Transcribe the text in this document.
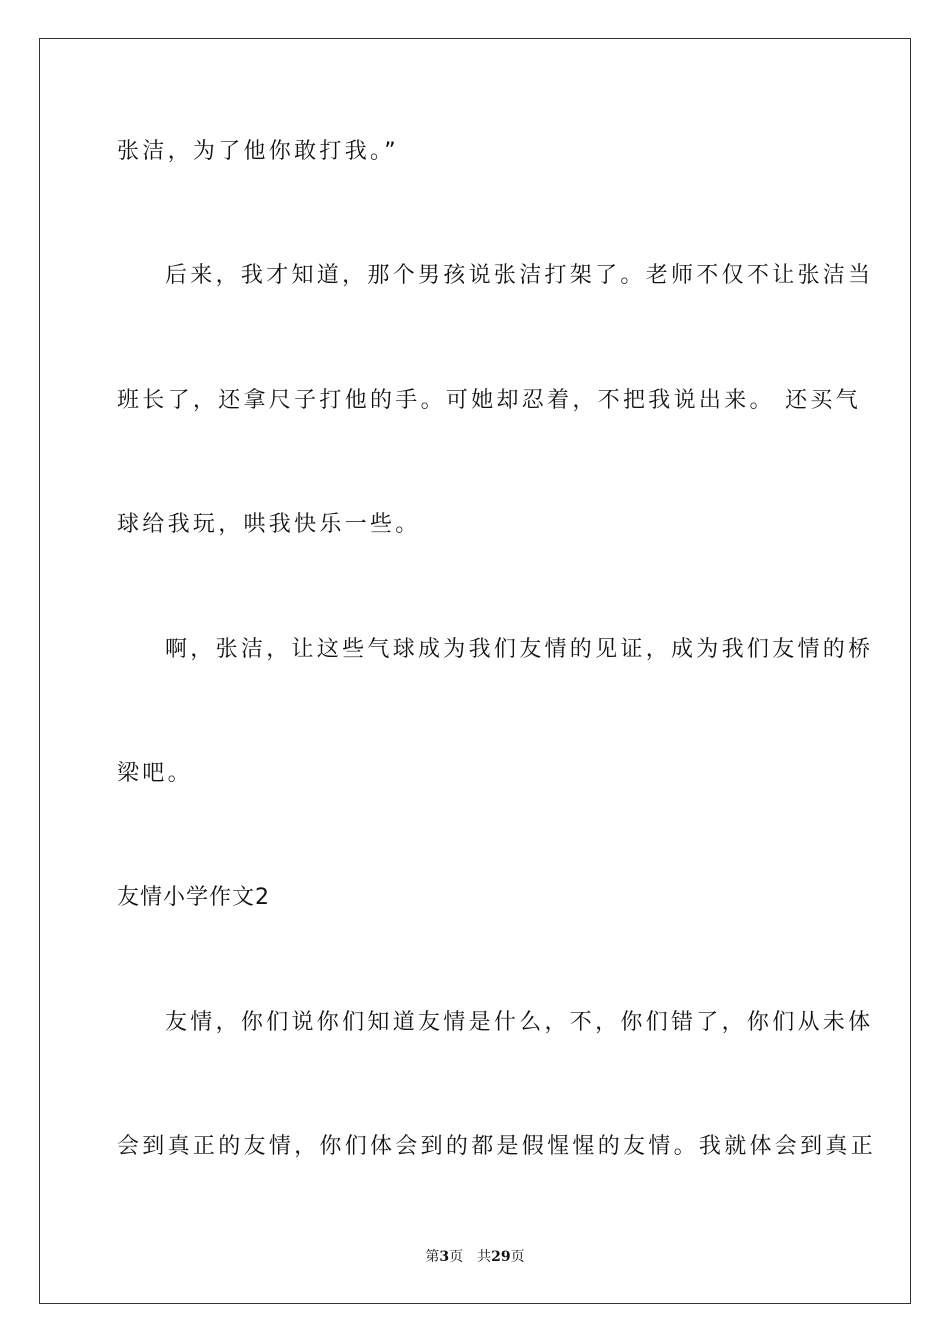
张洁，为了他你敢打我。”
后来，我才知道，那个男孩说张洁打架了。老师不仅不让张洁当
班长了，还拿尺子打他的手。可她却忍着，不把我说出来。 还买气
球给我玩，哄我快乐一些。
啊，张洁，让这些气球成为我们友情的见证，成为我们友情的桥
梁吧。
友情小学作文2
友情，你们说你们知道友情是什么，不，你们错了，你们从未体
会到真正的友情，你们体会到的都是假惺惺的友情。我就体会到真正
第3页 共29页
